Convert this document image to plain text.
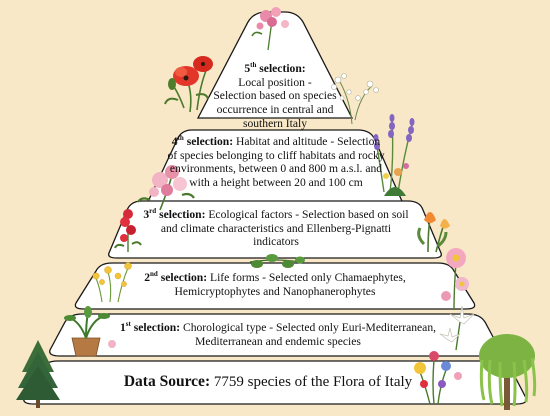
5th selection:
Local position -
Selection based on species
occurrence in central and
southern Italy
4th selection: Habitat and altitude - Selection
of species belonging to cliff habitats and rocky
environments, between 0 and 800 m a.s.l. and
with a height between 20 and 100 cm
3rd selection: Ecological factors - Selection based on soil
and climate characteristics and Ellenberg-Pignatti indicators
2nd selection: Life forms - Selected only Chamaephytes,
Hemicryptophytes and Nanophanerophytes
1st selection: Chorological type - Selected only Euri-Mediterranean,
Mediterranean and endemic species
Data Source: 7759 species of the Flora of Italy
